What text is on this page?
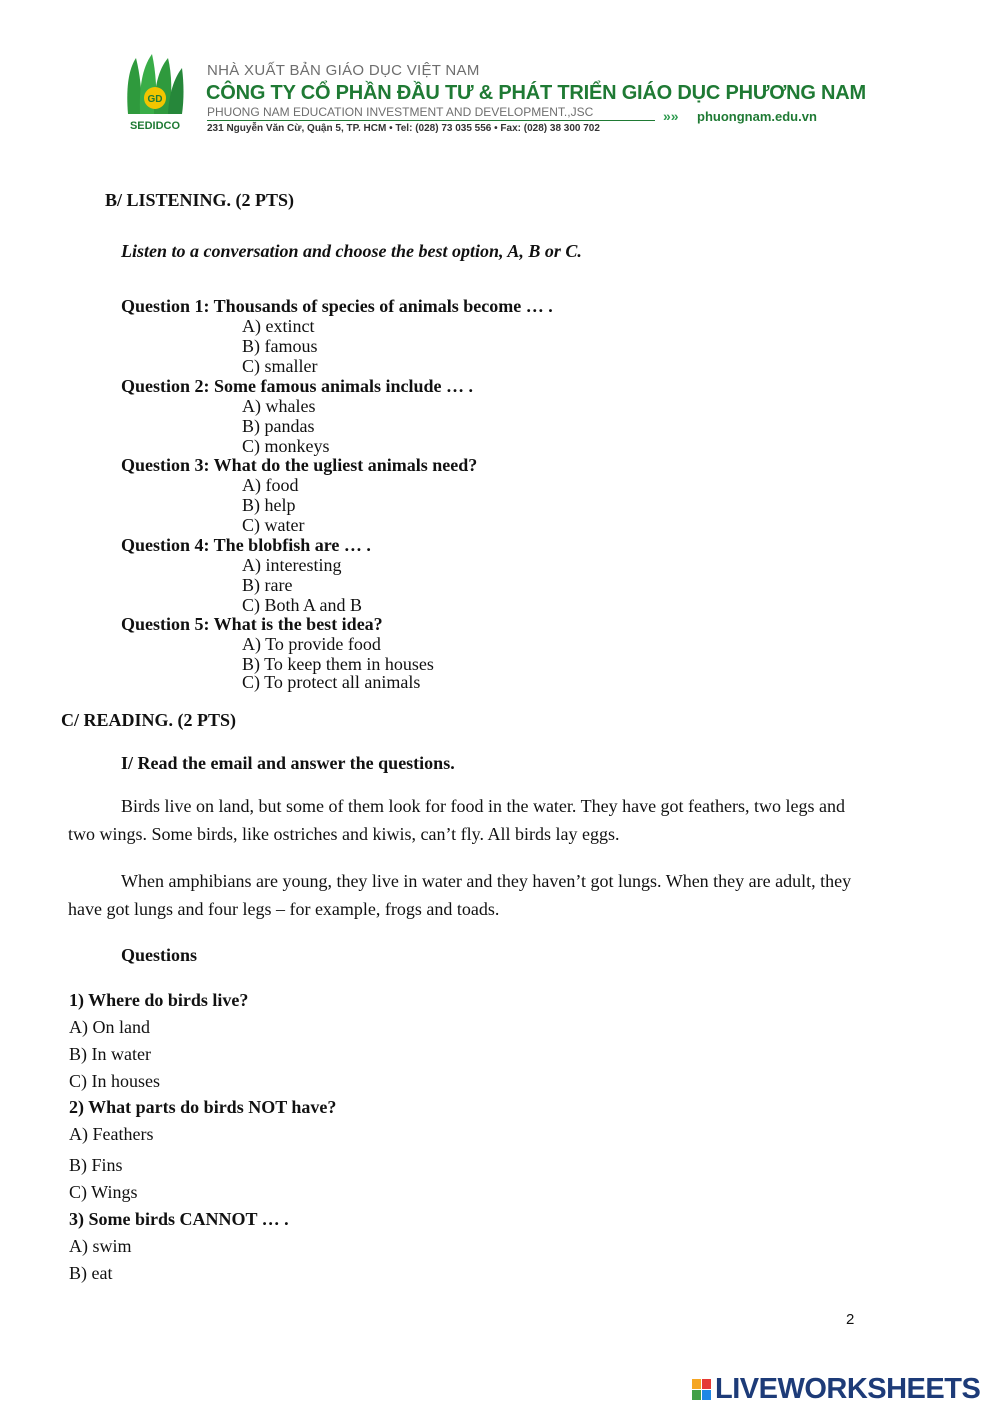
GD
SEDIDCO
NHÀ XUẤT BẢN GIÁO DỤC VIỆT NAM
CÔNG TY CỔ PHẦN ĐẦU TƯ & PHÁT TRIỂN GIÁO DỤC PHƯƠNG NAM
PHUONG NAM EDUCATION INVESTMENT AND DEVELOPMENT.,JSC
231 Nguyễn Văn Cừ, Quận 5, TP. HCM • Tel: (028) 73 035 556 • Fax: (028) 38 300 702
»» phuongnam.edu.vn
B/ LISTENING. (2 PTS)
Listen to a conversation and choose the best option, A, B or C.
Question 1: Thousands of species of animals become … .
A) extinct
B) famous
C) smaller
Question 2: Some famous animals include … .
A) whales
B) pandas
C) monkeys
Question 3: What do the ugliest animals need?
A) food
B) help
C) water
Question 4: The blobfish are … .
A) interesting
B) rare
C) Both A and B
Question 5: What is the best idea?
A) To provide food
B) To keep them in houses
C) To protect all animals
C/ READING. (2 PTS)
I/ Read the email and answer the questions.
Birds live on land, but some of them look for food in the water. They have got feathers, two legs and two wings. Some birds, like ostriches and kiwis, can’t fly. All birds lay eggs.
When amphibians are young, they live in water and they haven’t got lungs. When they are adult, they have got lungs and four legs – for example, frogs and toads.
Questions
1) Where do birds live?
A) On land
B) In water
C) In houses
2) What parts do birds NOT have?
A) Feathers
B) Fins
C) Wings
3) Some birds CANNOT … .
A) swim
B) eat
2
LIVEWORKSHEETS
